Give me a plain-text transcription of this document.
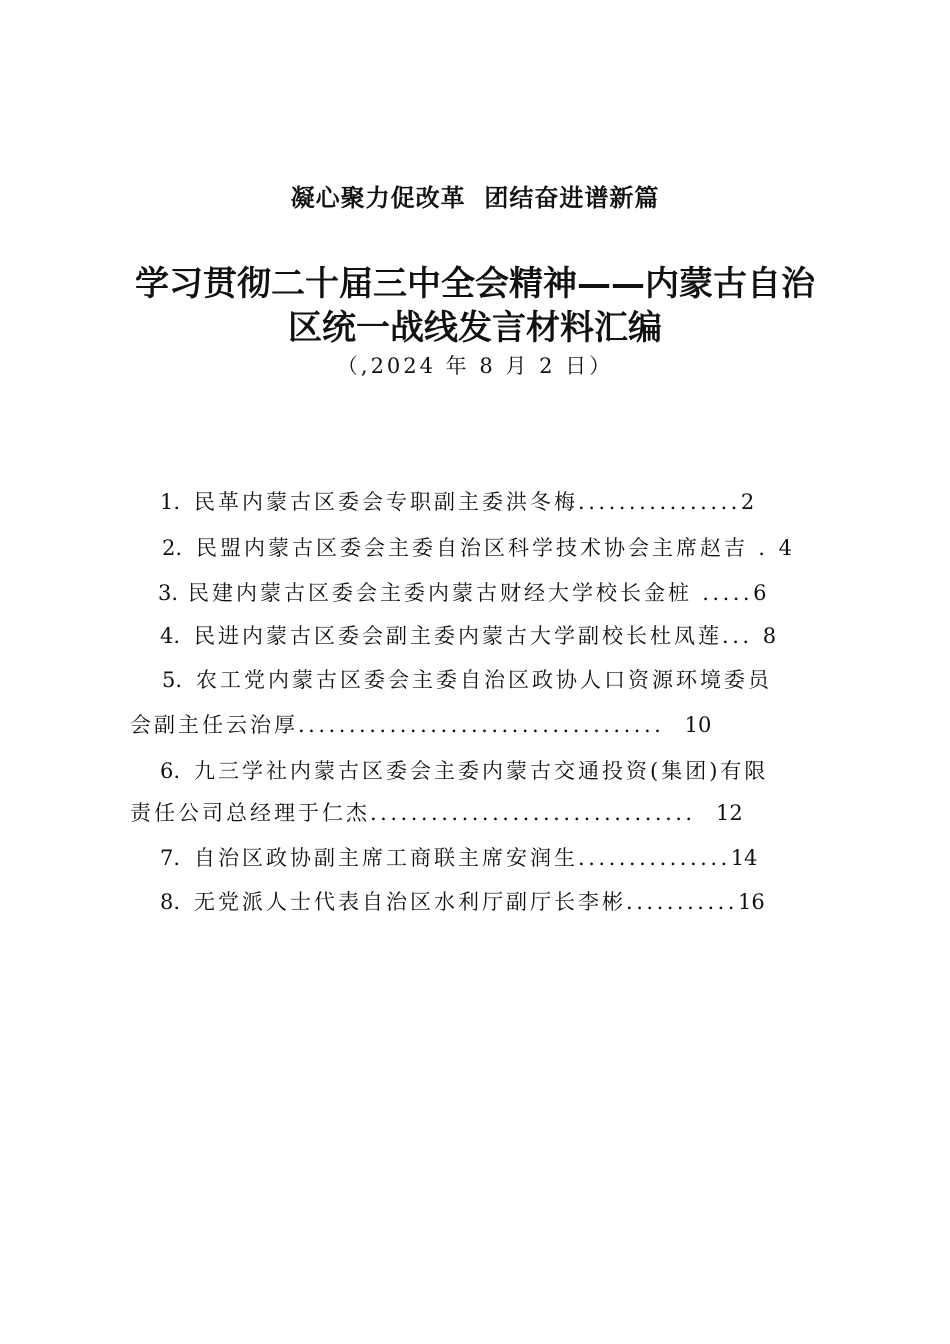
凝心聚力促改革  团结奋进谱新篇
学习贯彻二十届三中全会精神——内蒙古自治
区统一战线发言材料汇编
（,2024 年 8 月 2 日）
1. 民革内蒙古区委会专职副主委洪冬梅................2
2. 民盟内蒙古区委会主委自治区科学技术协会主席赵吉 . 4
3. 民建内蒙古区委会主委内蒙古财经大学校长金桩 .....6
4. 民进内蒙古区委会副主委内蒙古大学副校长杜凤莲... 8
5. 农工党内蒙古区委会主委自治区政协人口资源环境委员
会副主任云治厚....................................  10
6. 九三学社内蒙古区委会主委内蒙古交通投资(集团)有限
责任公司总经理于仁杰................................  12
7. 自治区政协副主席工商联主席安润生...............14
8. 无党派人士代表自治区水利厅副厅长李彬...........16
